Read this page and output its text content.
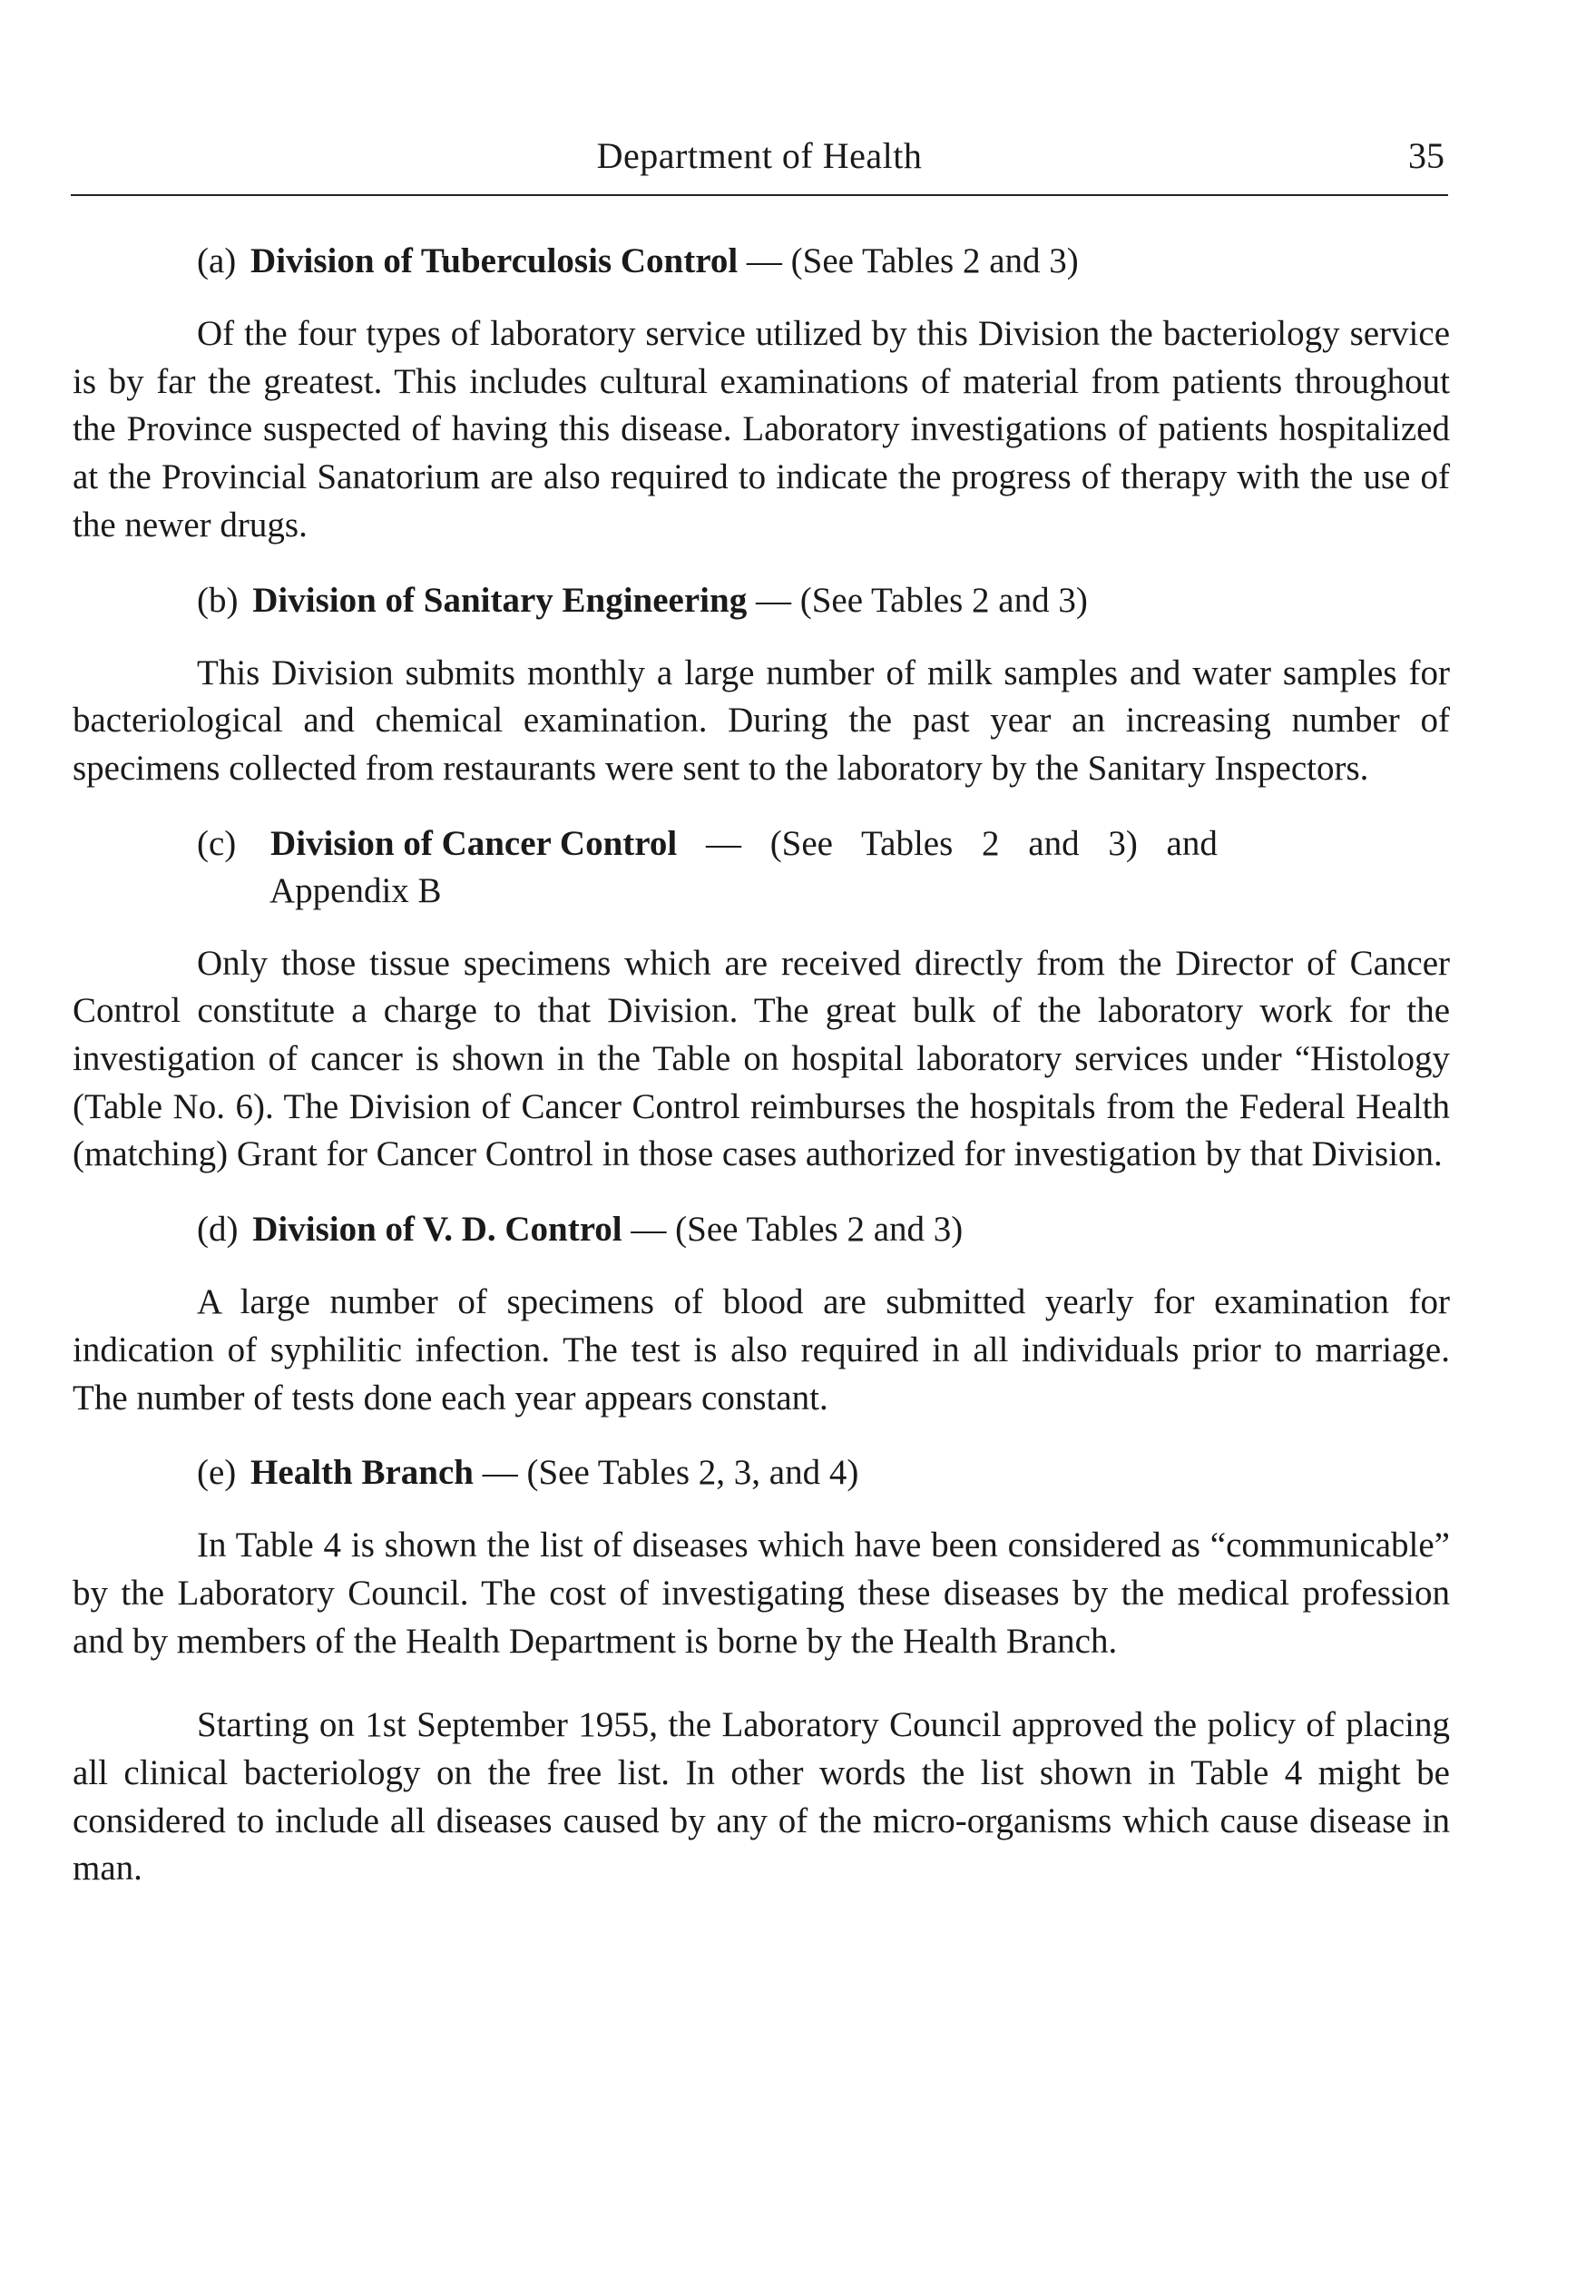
Department of Health	35
(a) Division of Tuberculosis Control — (See Tables 2 and 3)

Of the four types of laboratory service utilized by this Division the bacteriology service is by far the greatest. This includes cultural examinations of material from patients throughout the Province suspected of having this disease. Laboratory investigations of patients hospitalized at the Provincial Sanatorium are also required to indicate the progress of therapy with the use of the newer drugs.

(b) Division of Sanitary Engineering — (See Tables 2 and 3)

This Division submits monthly a large number of milk samples and water samples for bacteriological and chemical examination. During the past year an increasing number of specimens collected from restaurants were sent to the laboratory by the Sanitary Inspectors.

(c) Division of Cancer Control — (See Tables 2 and 3) and
Appendix B

Only those tissue specimens which are received directly from the Director of Cancer Control constitute a charge to that Division. The great bulk of the laboratory work for the investigation of cancer is shown in the Table on hospital laboratory services under “Histology (Table No. 6). The Division of Cancer Control reimburses the hospitals from the Federal Health (matching) Grant for Cancer Control in those cases authorized for investigation by that Division.

(d) Division of V. D. Control — (See Tables 2 and 3)

A large number of specimens of blood are submitted yearly for examination for indication of syphilitic infection. The test is also required in all individuals prior to marriage. The number of tests done each year appears constant.

(e) Health Branch — (See Tables 2, 3, and 4)

In Table 4 is shown the list of diseases which have been considered as “communicable” by the Laboratory Council. The cost of investigating these diseases by the medical profession and by members of the Health Department is borne by the Health Branch.

Starting on 1st September 1955, the Laboratory Council approved the policy of placing all clinical bacteriology on the free list. In other words the list shown in Table 4 might be considered to include all diseases caused by any of the micro-organisms which cause disease in man.
